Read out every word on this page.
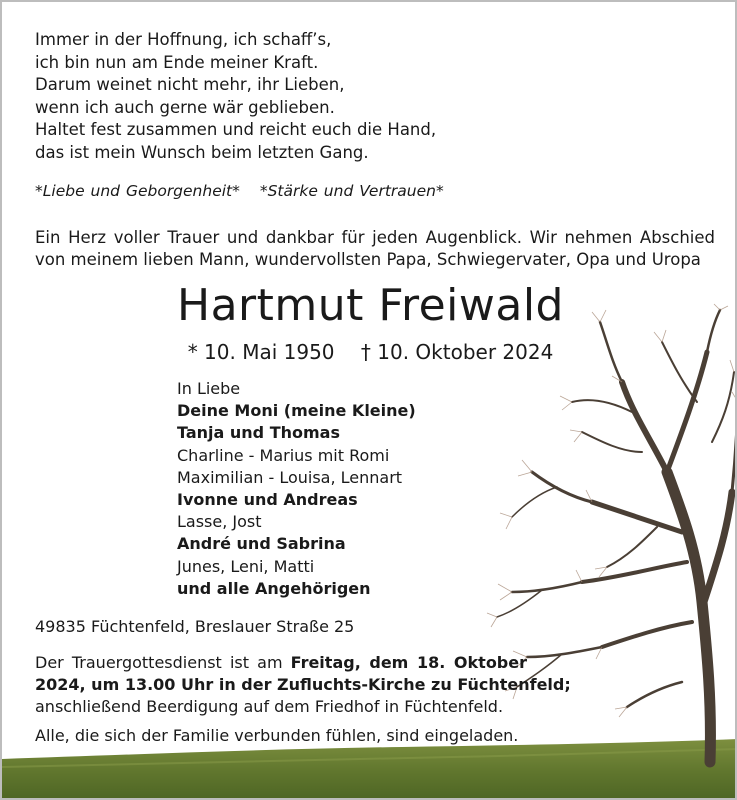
Immer in der Hoffnung, ich schaff’s,
ich bin nun am Ende meiner Kraft.
Darum weinet nicht mehr, ihr Lieben,
wenn ich auch gerne wär geblieben.
Haltet fest zusammen und reicht euch die Hand,
das ist mein Wunsch beim letzten Gang.
*Liebe und Geborgenheit* *Stärke und Vertrauen*
Ein Herz voller Trauer und dankbar für jeden Augenblick. Wir nehmen Abschied von meinem lieben Mann, wundervollsten Papa, Schwiegervater, Opa und Uropa
Hartmut Freiwald
* 10. Mai 1950 † 10. Oktober 2024
In Liebe
Deine Moni (meine Kleine)
Tanja und Thomas
Charline - Marius mit Romi
Maximilian - Louisa, Lennart
Ivonne und Andreas
Lasse, Jost
André und Sabrina
Junes, Leni, Matti
und alle Angehörigen
49835 Füchtenfeld, Breslauer Straße 25
Der Trauergottesdienst ist am Freitag, dem 18. Oktober
2024, um 13.00 Uhr in der Zufluchts-Kirche zu Füchtenfeld;
anschließend Beerdigung auf dem Friedhof in Füchtenfeld.
Alle, die sich der Familie verbunden fühlen, sind eingeladen.
